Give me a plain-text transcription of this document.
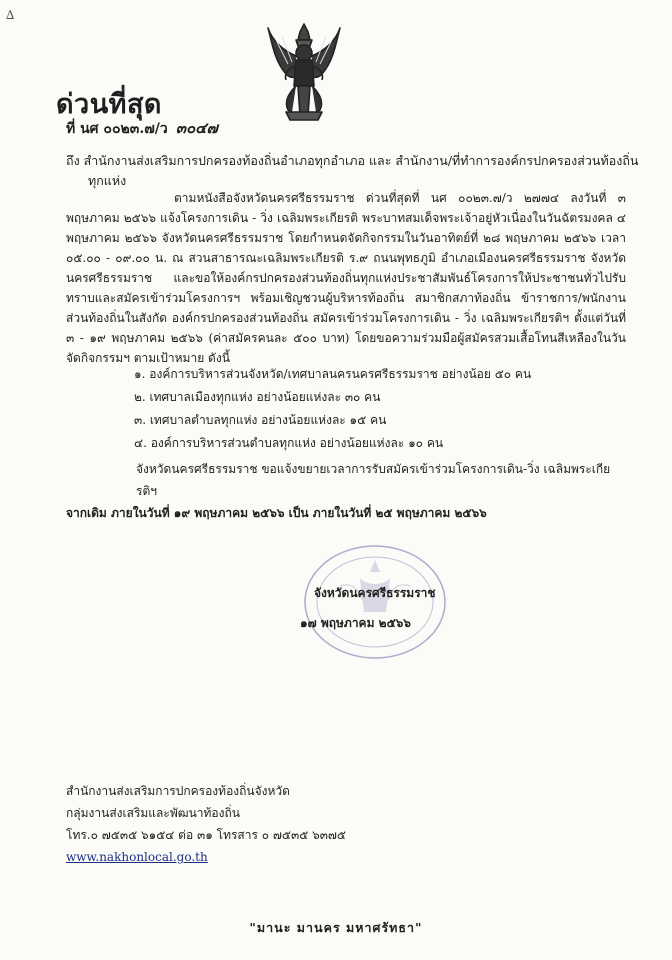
∆
ด่วนที่สุด
ที่ นศ ๐๐๒๓.๗/ว ๓๐๔๗
ถึง สำนักงานส่งเสริมการปกครองท้องถิ่นอำเภอทุกอำเภอ และ สำนักงาน/ที่ทำการองค์กรปกครองส่วนท้องถิ่น
ทุกแห่ง

ตามหนังสือจังหวัดนครศรีธรรมราช ด่วนที่สุดที่ นศ ๐๐๒๓.๗/ว ๒๗๗๔ ลงวันที่ ๓ พฤษภาคม ๒๕๖๖ แจ้งโครงการเดิน - วิ่ง เฉลิมพระเกียรติ พระบาทสมเด็จพระเจ้าอยู่หัวเนื่องในวันฉัตรมงคล ๔ พฤษภาคม ๒๕๖๖ จังหวัดนครศรีธรรมราช โดยกำหนดจัดกิจกรรมในวันอาทิตย์ที่ ๒๘ พฤษภาคม ๒๕๖๖ เวลา ๐๕.๐๐ - ๐๙.๐๐ น. ณ สวนสาธารณะเฉลิมพระเกียรติ ร.๙ ถนนพุทธภูมิ อำเภอเมืองนครศรีธรรมราช จังหวัดนครศรีธรรมราช และขอให้องค์กรปกครองส่วนท้องถิ่นทุกแห่งประชาสัมพันธ์โครงการให้ประชาชนทั่วไปรับทราบและสมัครเข้าร่วมโครงการฯ พร้อมเชิญชวนผู้บริหารท้องถิ่น สมาชิกสภาท้องถิ่น ข้าราชการ/พนักงานส่วนท้องถิ่นในสังกัด องค์กรปกครองส่วนท้องถิ่น สมัครเข้าร่วมโครงการเดิน - วิ่ง เฉลิมพระเกียรติฯ ตั้งแต่วันที่ ๓ - ๑๙ พฤษภาคม ๒๕๖๖ (ค่าสมัครคนละ ๕๐๐ บาท) โดยขอความร่วมมือผู้สมัครสวมเสื้อโทนสีเหลืองในวันจัดกิจกรรมฯ ตามเป้าหมาย ดังนี้

๑. องค์การบริหารส่วนจังหวัด/เทศบาลนครนครศรีธรรมราช อย่างน้อย ๕๐ คน
๒. เทศบาลเมืองทุกแห่ง อย่างน้อยแห่งละ ๓๐ คน
๓. เทศบาลตำบลทุกแห่ง อย่างน้อยแห่งละ ๑๕ คน
๔. องค์การบริหารส่วนตำบลทุกแห่ง อย่างน้อยแห่งละ ๑๐ คน
จังหวัดนครศรีธรรมราช ขอแจ้งขยายเวลาการรับสมัครเข้าร่วมโครงการเดิน-วิ่ง เฉลิมพระเกียรติฯ
จากเดิม ภายในวันที่ ๑๙ พฤษภาคม ๒๕๖๖ เป็น ภายในวันที่ ๒๕ พฤษภาคม ๒๕๖๖
จังหวัดนครศรีธรรมราช
๑๗ พฤษภาคม ๒๕๖๖
สำนักงานส่งเสริมการปกครองท้องถิ่นจังหวัด
กลุ่มงานส่งเสริมและพัฒนาท้องถิ่น
โทร.๐ ๗๕๓๕ ๖๑๕๔ ต่อ ๓๑ โทรสาร ๐ ๗๕๓๕ ๖๓๗๕
www.nakhonlocal.go.th
"มานะ มานคร มหาศรัทธา"
